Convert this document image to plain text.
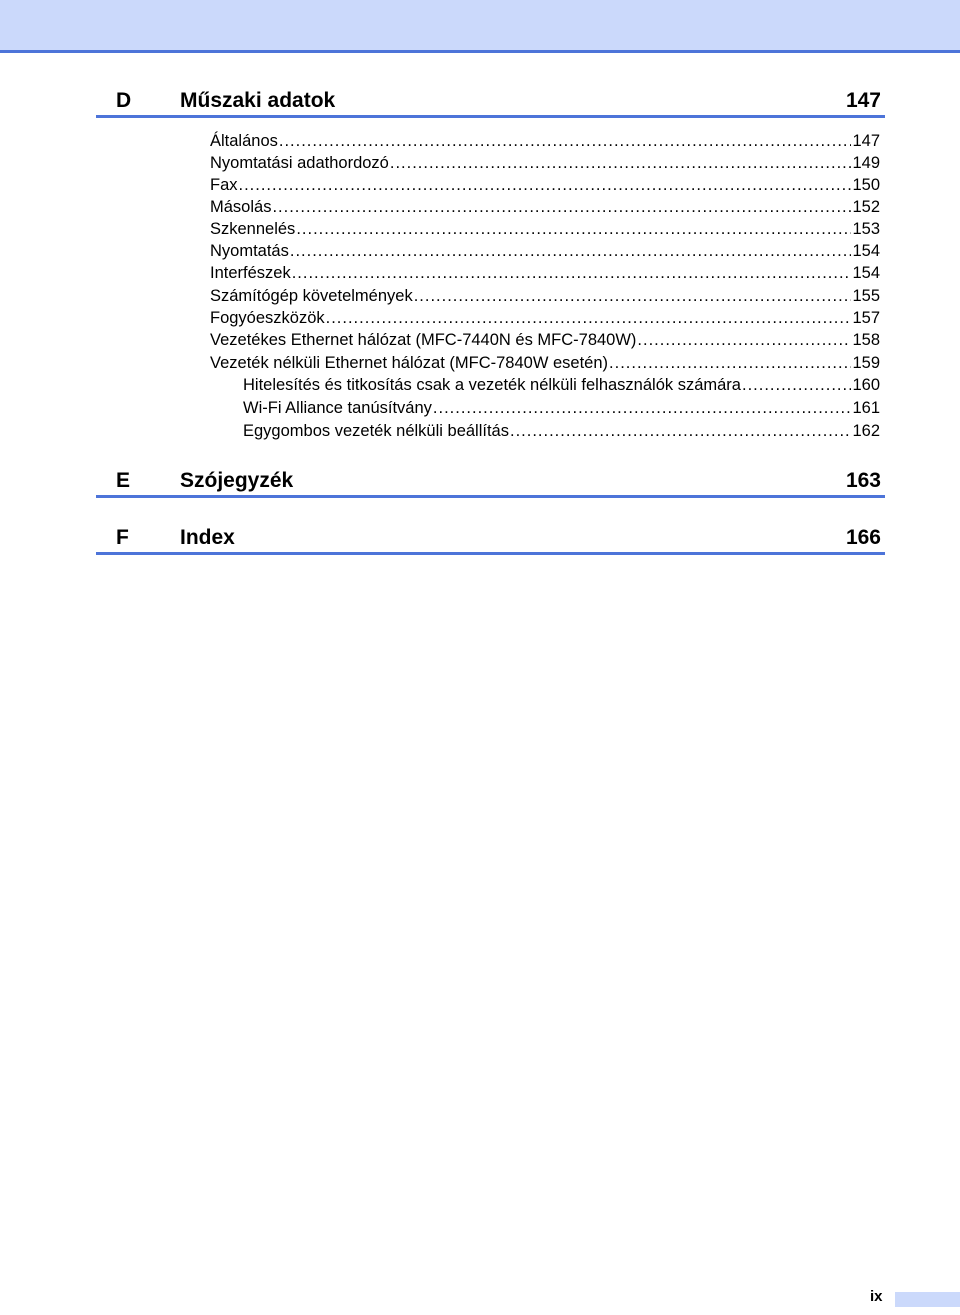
D Műszaki adatok	147
Általános .....	147
Nyomtatási adathordozó .....	149
Fax .....	150
Másolás .....	152
Szkennelés .....	153
Nyomtatás .....	154
Interfészek .....	154
Számítógép követelmények .....	155
Fogyóeszközök .....	157
Vezetékes Ethernet hálózat (MFC-7440N és MFC-7840W) .....	158
Vezeték nélküli Ethernet hálózat (MFC-7840W esetén) .....	159
Hitelesítés és titkosítás csak a vezeték nélküli felhasználók számára .....	160
Wi-Fi Alliance tanúsítvány .....	161
Egygombos vezeték nélküli beállítás .....	162
E Szójegyzék	163
F Index	166
ix
